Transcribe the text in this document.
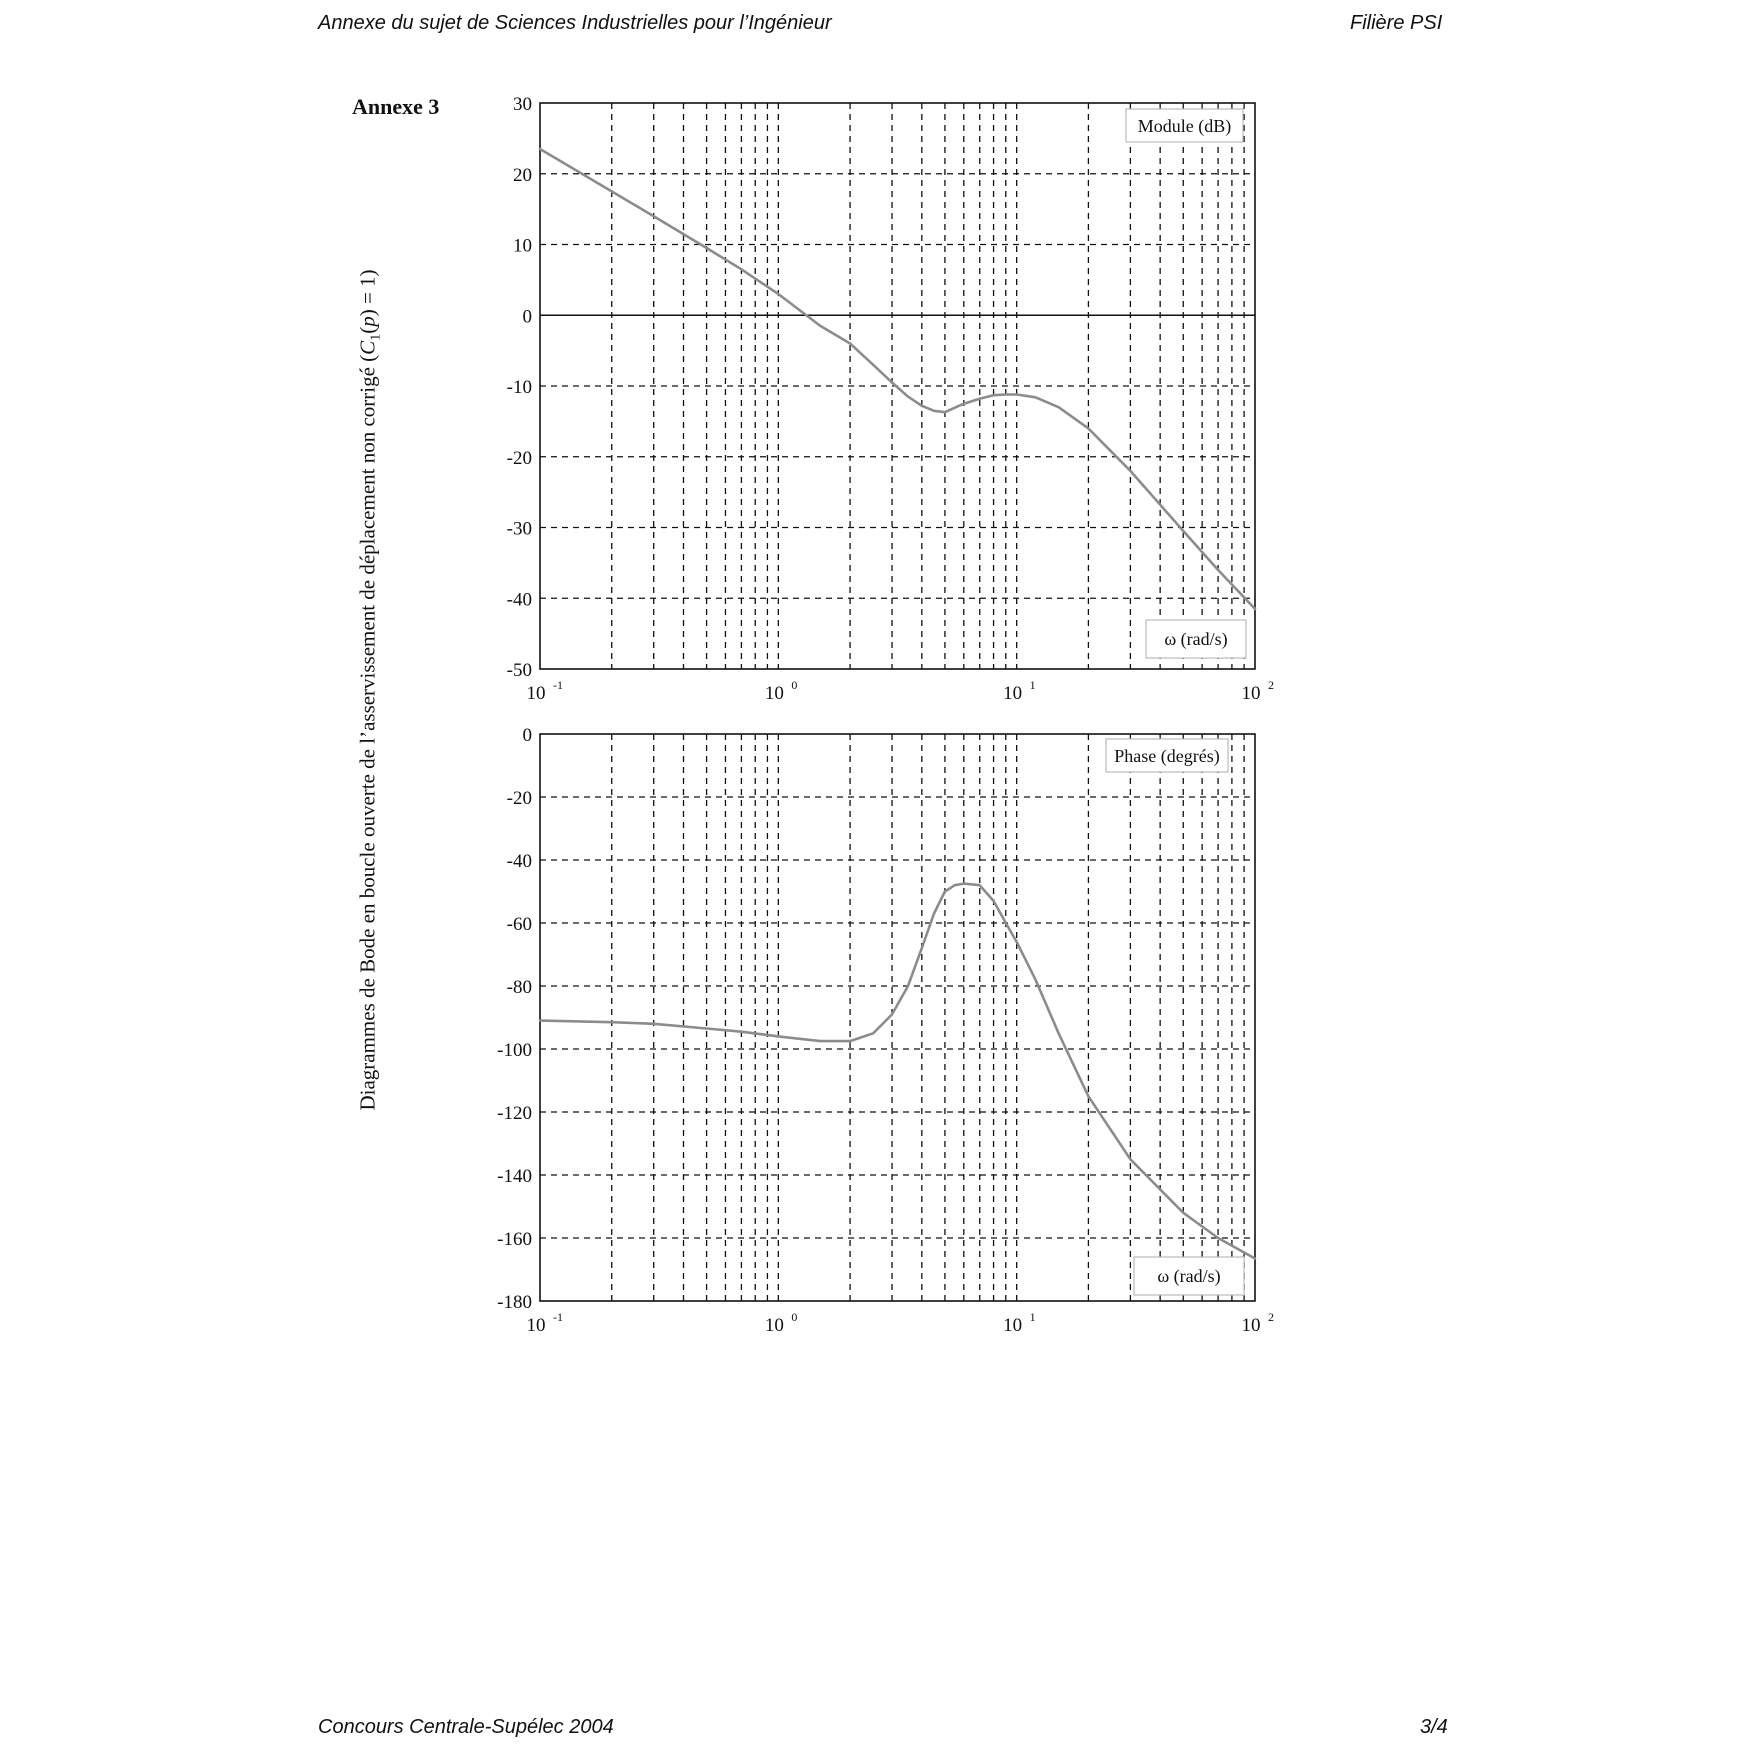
Annexe du sujet de Sciences Industrielles pour l’Ingénieur	Filière PSI
Annexe 3
Diagrammes de Bode en boucle ouverte de l’asservissement de déplacement non corrigé $(C_1(p) = 1)$
30
20
10
0
-10
-20
-30
-40
-50
10 -1	10 0	10 1	10 2
Module (dB)
ω (rad/s)
0
-20
-40
-60
-80
-100
-120
-140
-160
-180
10 -1	10 0	10 1	10 2
Phase (degrés)
ω (rad/s)
Concours Centrale-Supélec 2004	3/4
